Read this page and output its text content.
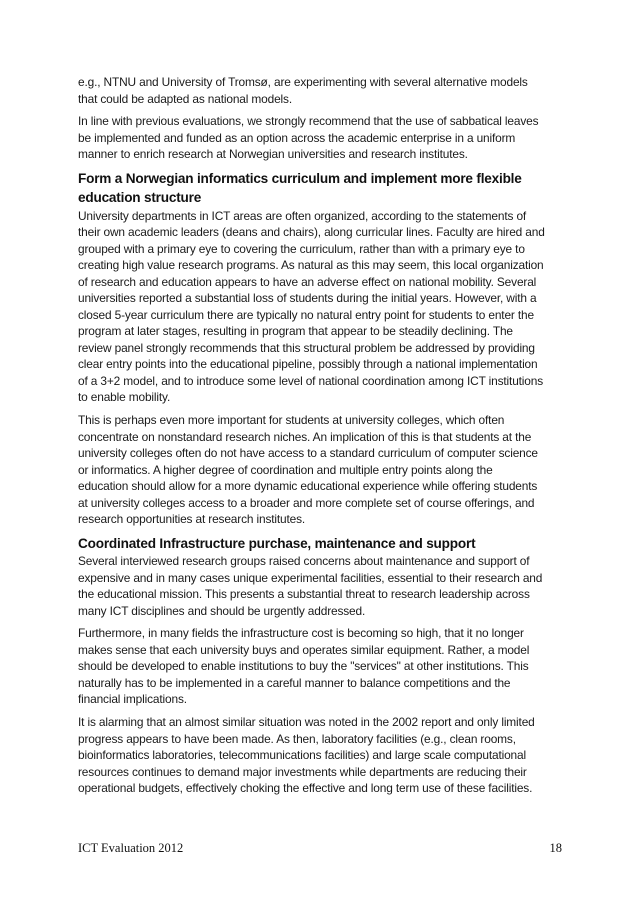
e.g., NTNU and University of Tromsø, are experimenting with several alternative models
that could be adapted as national models.
In line with previous evaluations, we strongly recommend that the use of sabbatical leaves
be implemented and funded as an option across the academic enterprise in a uniform
manner to enrich research at Norwegian universities and research institutes.
Form a Norwegian informatics curriculum and implement more flexible
education structure
University departments in ICT areas are often organized, according to the statements of
their own academic leaders (deans and chairs), along curricular lines. Faculty are hired and
grouped with a primary eye to covering the curriculum, rather than with a primary eye to
creating high value research programs. As natural as this may seem, this local organization
of research and education appears to have an adverse effect on national mobility. Several
universities reported a substantial loss of students during the initial years. However, with a
closed 5-year curriculum there are typically no natural entry point for students to enter the
program at later stages, resulting in program that appear to be steadily declining. The
review panel strongly recommends that this structural problem be addressed by providing
clear entry points into the educational pipeline, possibly through a national implementation
of a 3+2 model, and to introduce some level of national coordination among ICT institutions
to enable mobility.
This is perhaps even more important for students at university colleges, which often
concentrate on nonstandard research niches. An implication of this is that students at the
university colleges often do not have access to a standard curriculum of computer science
or informatics. A higher degree of coordination and multiple entry points along the
education should allow for a more dynamic educational experience while offering students
at university colleges access to a broader and more complete set of course offerings, and
research opportunities at research institutes.
Coordinated Infrastructure purchase, maintenance and support
Several interviewed research groups raised concerns about maintenance and support of
expensive and in many cases unique experimental facilities, essential to their research and
the educational mission. This presents a substantial threat to research leadership across
many ICT disciplines and should be urgently addressed.
Furthermore, in many fields the infrastructure cost is becoming so high, that it no longer
makes sense that each university buys and operates similar equipment. Rather, a model
should be developed to enable institutions to buy the "services" at other institutions. This
naturally has to be implemented in a careful manner to balance competitions and the
financial implications.
It is alarming that an almost similar situation was noted in the 2002 report and only limited
progress appears to have been made. As then, laboratory facilities (e.g., clean rooms,
bioinformatics laboratories, telecommunications facilities) and large scale computational
resources continues to demand major investments while departments are reducing their
operational budgets, effectively choking the effective and long term use of these facilities.
ICT Evaluation 2012	18
